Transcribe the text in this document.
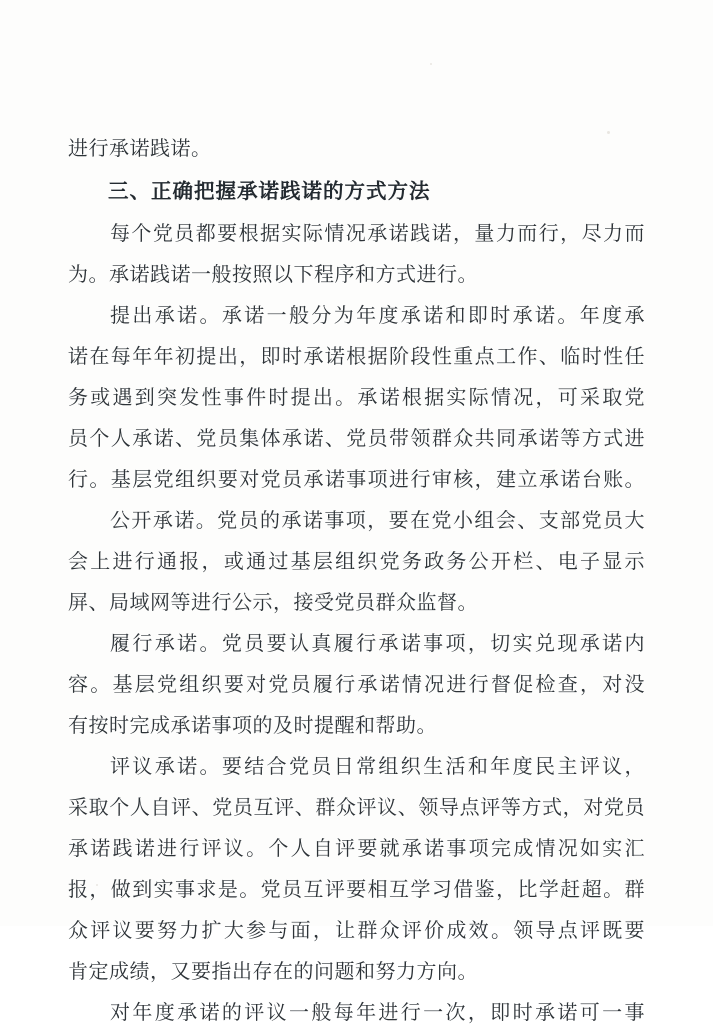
进行承诺践诺。
三、正确把握承诺践诺的方式方法
每个党员都要根据实际情况承诺践诺，量力而行，尽力而
为。承诺践诺一般按照以下程序和方式进行。
提出承诺。承诺一般分为年度承诺和即时承诺。年度承
诺在每年年初提出，即时承诺根据阶段性重点工作、临时性任
务或遇到突发性事件时提出。承诺根据实际情况，可采取党
员个人承诺、党员集体承诺、党员带领群众共同承诺等方式进
行。基层党组织要对党员承诺事项进行审核，建立承诺台账。
公开承诺。党员的承诺事项，要在党小组会、支部党员大
会上进行通报，或通过基层组织党务政务公开栏、电子显示
屏、局域网等进行公示，接受党员群众监督。
履行承诺。党员要认真履行承诺事项，切实兑现承诺内
容。基层党组织要对党员履行承诺情况进行督促检查，对没
有按时完成承诺事项的及时提醒和帮助。
评议承诺。要结合党员日常组织生活和年度民主评议，
采取个人自评、党员互评、群众评议、领导点评等方式，对党员
承诺践诺进行评议。个人自评要就承诺事项完成情况如实汇
报，做到实事求是。党员互评要相互学习借鉴，比学赶超。群
众评议要努力扩大参与面，让群众评价成效。领导点评既要
肯定成绩，又要指出存在的问题和努力方向。
对年度承诺的评议一般每年进行一次，即时承诺可一事
